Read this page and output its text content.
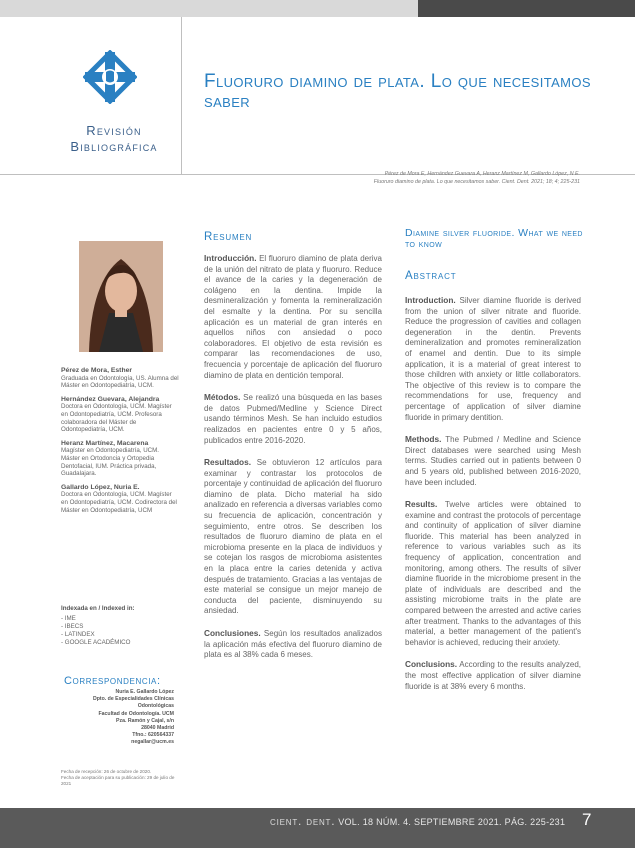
Revisión
Bibliográfica
Fluoruro diamino de plata. Lo que necesitamos saber
Pérez de Mora E, Hernández Guevara A, Heranz Martínez M, Gallardo López, N E.
Fluoruro diamino de plata. Lo que necesitamos saber. Cient. Dent. 2021; 18; 4; 225-231
Pérez de Mora, Esther
Graduada en Odontología, US. Alumna del Máster en Odontopediatría, UCM.
Hernández Guevara, Alejandra
Doctora en Odontología, UCM. Magíster en Odontopediatría, UCM. Profesora colaboradora del Máster de Odontopediatría, UCM.
Heranz Martínez, Macarena
Magíster en Odontopediatría, UCM. Máster en Ortodoncia y Ortopedia Dentofacial, IUM. Práctica privada, Guadalajara.
Gallardo López, Nuria E.
Doctora en Odontología, UCM. Magíster en Odontopediatría, UCM. Codirectora del Máster en Odontopediatría, UCM
Indexada en / Indexed in:
- IME
- IBECS
- LATINDEX
- GOOGLE ACADÉMICO
Correspondencia:
Nuria E. Gallardo López
Dpto. de Especialidades Clínicas Odontológicas
Facultad de Odontología. UCM
Pza. Ramón y Cajal, s/n
28040 Madrid
Tfno.: 620564337
negallar@ucm.es
Fecha de recepción: 26 de octubre de 2020.
Fecha de aceptación para su publicación: 29 de julio de 2021
Resumen

Introducción. El fluoruro diamino de plata deriva de la unión del nitrato de plata y fluoruro. Reduce el avance de la caries y la degeneración de colágeno en la dentina. Impide la desmineralización y fomenta la remineralización del esmalte y la dentina. Por su sencilla aplicación es un material de gran interés en aquellos niños con ansiedad o poco colaboradores. El objetivo de esta revisión es comparar las recomendaciones de uso, frecuencia y porcentaje de aplicación del fluoruro diamino de plata en dentición temporal.

Métodos. Se realizó una búsqueda en las bases de datos Pubmed/Medline y Science Direct usando términos Mesh. Se han incluido estudios realizados en pacientes entre 0 y 5 años, publicados entre 2016-2020.

Resultados. Se obtuvieron 12 artículos para examinar y contrastar los protocolos de porcentaje y continuidad de aplicación del fluoruro diamino de plata. Dicho material ha sido analizado en referencia a diversas variables como su frecuencia de aplicación, concentración y seguimiento, entre otros. Se describen los resultados de fluoruro diamino de plata en el microbioma presente en la placa de individuos y se cotejan los rasgos de microbioma asistentes en la placa entre la caries detenida y activa después de tratamiento. Gracias a las ventajas de este material se consigue un mejor manejo de conducta del paciente, disminuyendo su ansiedad.

Conclusiones. Según los resultados analizados la aplicación más efectiva del fluoruro diamino de plata es al 38% cada 6 meses.

Diamine silver fluoride. What we need to know
Abstract

Introduction. Silver diamine fluoride is derived from the union of silver nitrate and fluoride. Reduce the progression of cavities and collagen degeneration in the dentin. Prevents demineralization and promotes remineralization of enamel and dentin. Due to its simple application, it is a material of great interest to those children with anxiety or little collaborators. The objective of this review is to compare the recommendations for use, frequency and percentage of application of silver diamine fluoride in primary dentition.

Methods. The Pubmed / Medline and Science Direct databases were searched using Mesh terms. Studies carried out in patients between 0 and 5 years old, published between 2016-2020, have been included.

Results. Twelve articles were obtained to examine and contrast the protocols of percentage and continuity of application of silver diamine fluoride. This material has been analyzed in reference to various variables such as its frequency of application, concentration and monitoring, among others. The results of silver diamine fluoride in the microbiome present in the plate of individuals are described and the assisting microbiome traits in the plate are compared between the arrested and active caries after treatment. Thanks to the advantages of this material, a better management of the patient's behavior is achieved, reducing their anxiety.

Conclusions. According to the results analyzed, the most effective application of silver diamine fluoride is at 38% every 6 months.

cient. dent. VOL. 18 NÚM. 4. SEPTIEMBRE 2021. PÁG. 225-231 7
